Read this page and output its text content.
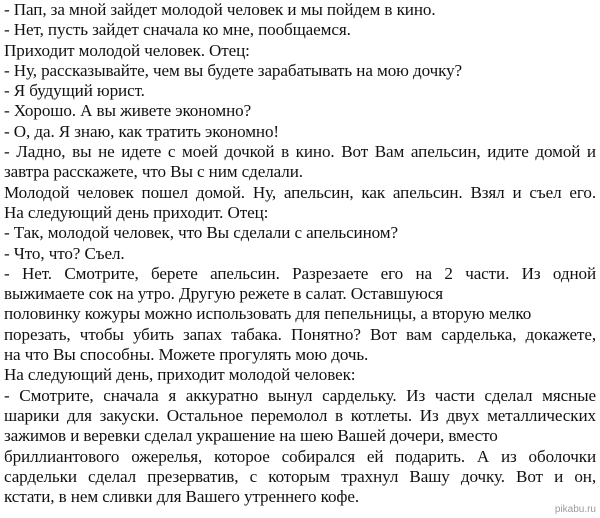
- Пап, за мной зайдет молодой человек и мы пойдем в кино.
- Нет, пусть зайдет сначала ко мне, пообщаемся.
Приходит молодой человек. Отец:
- Ну, рассказывайте, чем вы будете зарабатывать на мою дочку?
- Я будущий юрист.
- Хорошо. А вы живете экономно?
- О, да. Я знаю, как тратить экономно!
- Ладно, вы не идете с моей дочкой в кино. Вот Вам апельсин, идите домой и
завтра расскажете, что Вы с ним сделали.
Молодой человек пошел домой. Ну, апельсин, как апельсин. Взял и съел его.
На следующий день приходит. Отец:
- Так, молодой человек, что Вы сделали с апельсином?
- Что, что? Съел.
- Нет. Смотрите, берете апельсин. Разрезаете его на 2 части. Из одной
выжимаете сок на утро. Другую режете в салат. Оставшуюся
половинку кожуры можно использовать для пепельницы, а вторую мелко
порезать, чтобы убить запах табака. Понятно? Вот вам сарделька, докажете,
на что Вы способны. Можете прогулять мою дочь.
На следующий день, приходит молодой человек:
- Смотрите, сначала я аккуратно вынул сардельку. Из части сделал мясные
шарики для закуски. Остальное перемолол в котлеты. Из двух металлических
зажимов и веревки сделал украшение на шею Вашей дочери, вместо
бриллиантового ожерелья, которое собирался ей подарить. А из оболочки
сардельки сделал презерватив, с которым трахнул Вашу дочку. Вот и он,
кстати, в нем сливки для Вашего утреннего кофе.
pikabu.ru
